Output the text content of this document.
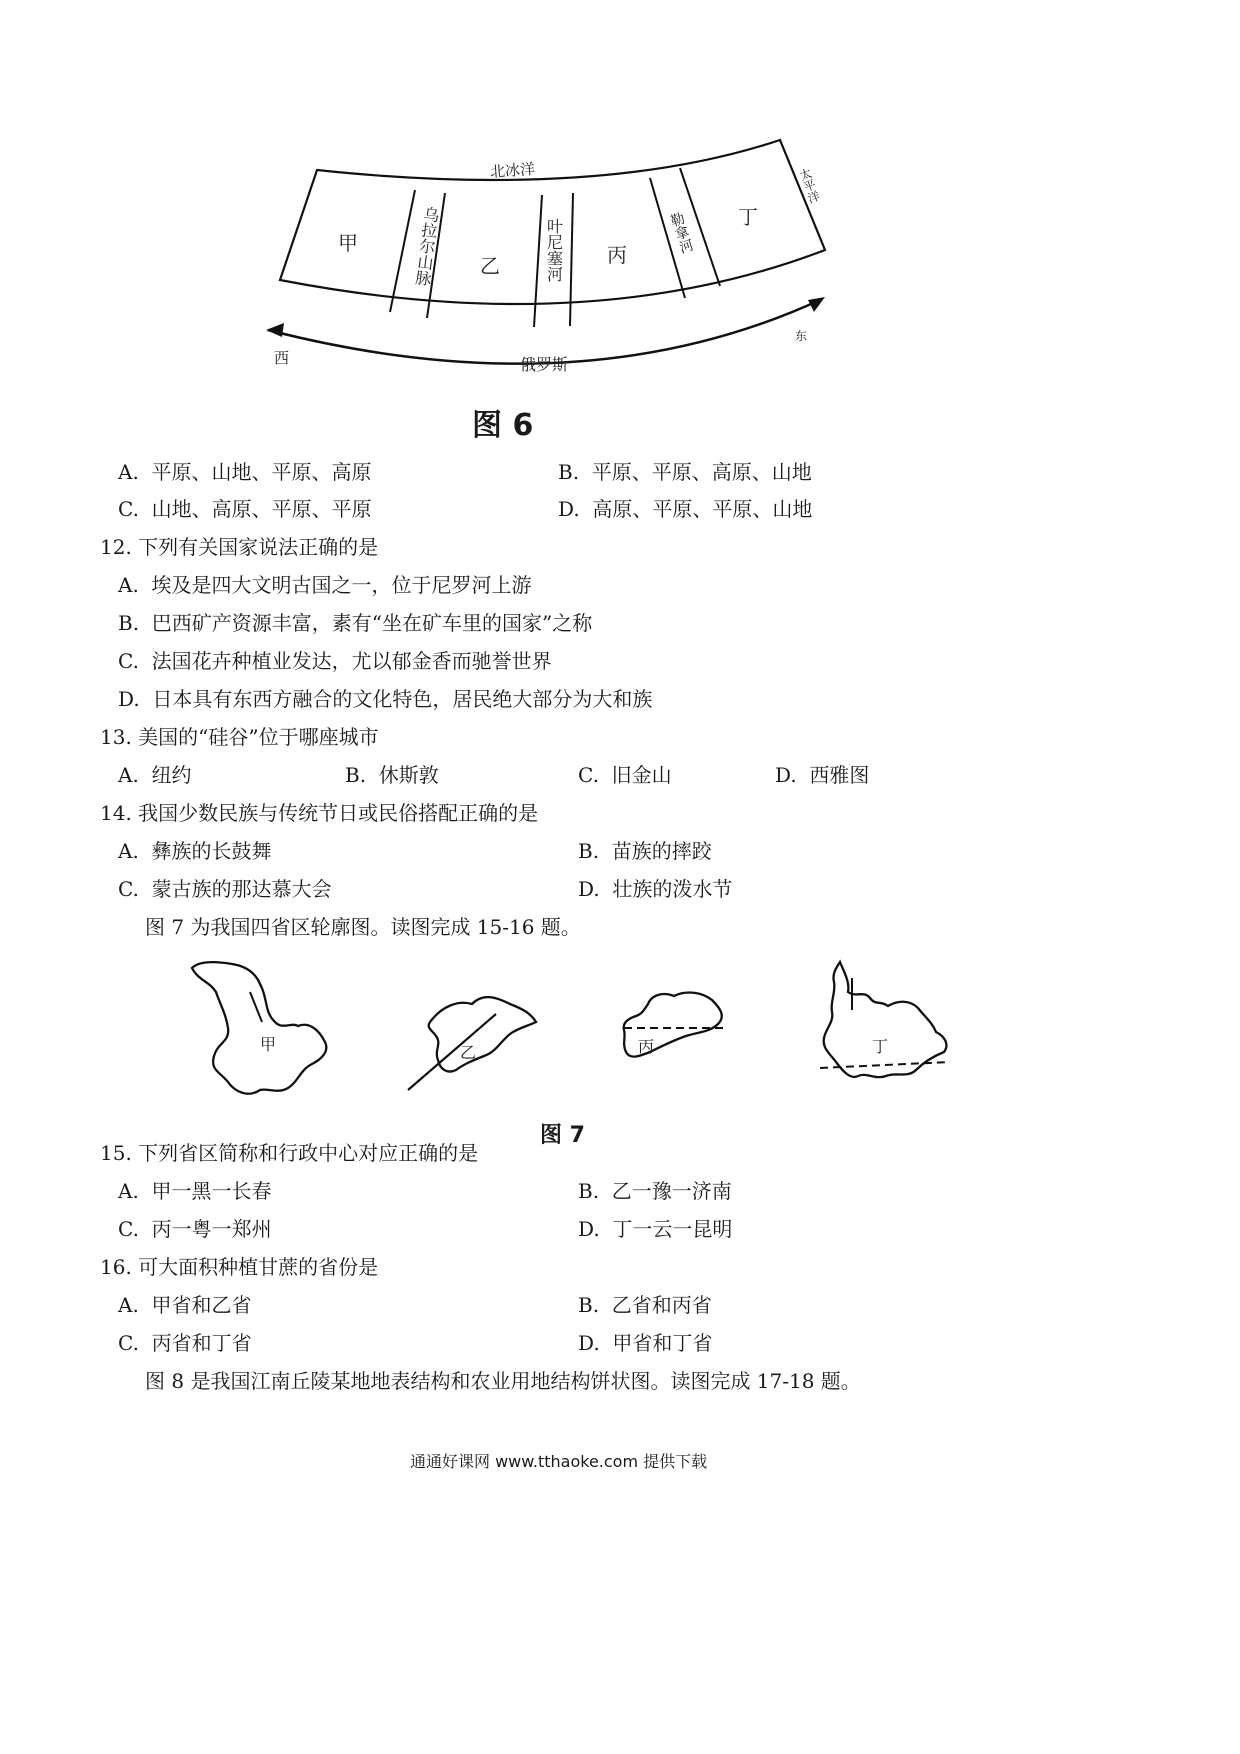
北冰洋
俄罗斯
西
东
太平洋
甲	乌拉尔山脉 乙	叶尼塞河 丙	勒拿河 丁
图 6
A. 平原、山地、平原、高原	B. 平原、平原、高原、山地
C. 山地、高原、平原、平原	D. 高原、平原、平原、山地
12. 下列有关国家说法正确的是
A. 埃及是四大文明古国之一，位于尼罗河上游
B. 巴西矿产资源丰富，素有“坐在矿车里的国家”之称
C. 法国花卉种植业发达，尤以郁金香而驰誉世界
D. 日本具有东西方融合的文化特色，居民绝大部分为大和族
13. 美国的“硅谷”位于哪座城市
A. 纽约	B. 休斯敦	C. 旧金山	D. 西雅图
14. 我国少数民族与传统节日或民俗搭配正确的是
A. 彝族的长鼓舞	B. 苗族的摔跤
C. 蒙古族的那达慕大会	D. 壮族的泼水节
图 7 为我国四省区轮廓图。读图完成 15-16 题。
甲	乙	丙	丁
图 7
15. 下列省区简称和行政中心对应正确的是
A. 甲一黑一长春	B. 乙一豫一济南
C. 丙一粤一郑州	D. 丁一云一昆明
16. 可大面积种植甘蔗的省份是
A. 甲省和乙省	B. 乙省和丙省
C. 丙省和丁省	D. 甲省和丁省
图 8 是我国江南丘陵某地地表结构和农业用地结构饼状图。读图完成 17-18 题。
通通好课网 www.tthaoke.com 提供下载
